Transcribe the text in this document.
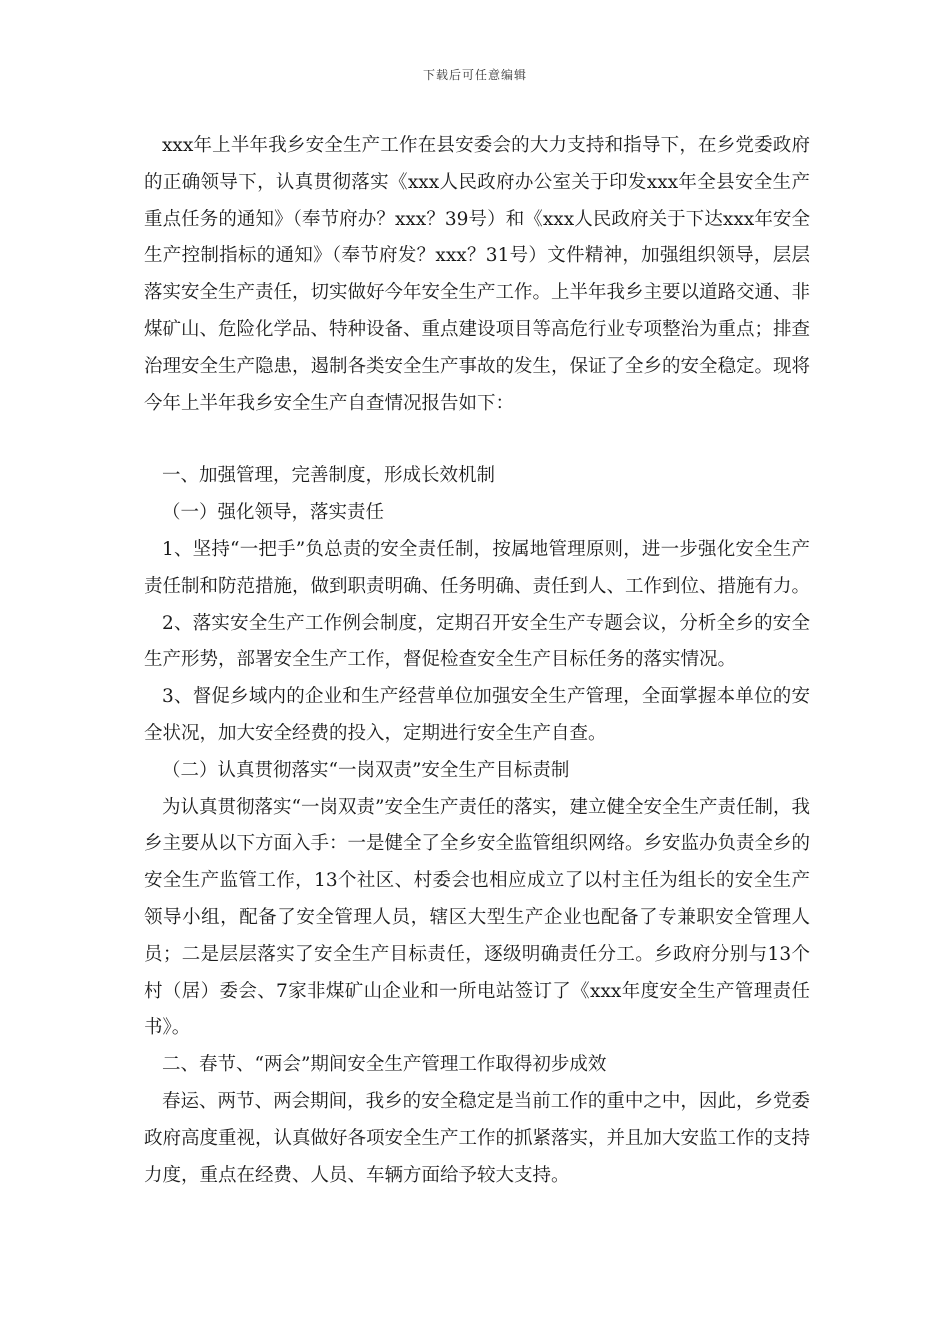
下载后可任意编辑

xxx年上半年我乡安全生产工作在县安委会的大力支持和指导下，在乡党委政府的正确领导下，认真贯彻落实《xxx人民政府办公室关于印发xxx年全县安全生产重点任务的通知》（奉节府办？xxx？39号）和《xxx人民政府关于下达xxx年安全生产控制指标的通知》（奉节府发？xxx？31号）文件精神，加强组织领导，层层落实安全生产责任，切实做好今年安全生产工作。上半年我乡主要以道路交通、非煤矿山、危险化学品、特种设备、重点建设项目等高危行业专项整治为重点；排查治理安全生产隐患，遏制各类安全生产事故的发生，保证了全乡的安全稳定。现将今年上半年我乡安全生产自查情况报告如下：

一、加强管理，完善制度，形成长效机制

（一）强化领导，落实责任

1、坚持“一把手”负总责的安全责任制，按属地管理原则，进一步强化安全生产责任制和防范措施，做到职责明确、任务明确、责任到人、工作到位、措施有力。

2、落实安全生产工作例会制度，定期召开安全生产专题会议，分析全乡的安全生产形势，部署安全生产工作，督促检查安全生产目标任务的落实情况。

3、督促乡域内的企业和生产经营单位加强安全生产管理，全面掌握本单位的安全状况，加大安全经费的投入，定期进行安全生产自查。

（二）认真贯彻落实“一岗双责”安全生产目标责制

为认真贯彻落实“一岗双责”安全生产责任的落实，建立健全安全生产责任制，我乡主要从以下方面入手：一是健全了全乡安全监管组织网络。乡安监办负责全乡的安全生产监管工作，13个社区、村委会也相应成立了以村主任为组长的安全生产领导小组，配备了安全管理人员，辖区大型生产企业也配备了专兼职安全管理人员；二是层层落实了安全生产目标责任，逐级明确责任分工。乡政府分别与13个村（居）委会、7家非煤矿山企业和一所电站签订了《xxx年度安全生产管理责任书》。

二、春节、“两会”期间安全生产管理工作取得初步成效

春运、两节、两会期间，我乡的安全稳定是当前工作的重中之中，因此，乡党委政府高度重视，认真做好各项安全生产工作的抓紧落实，并且加大安监工作的支持力度，重点在经费、人员、车辆方面给予较大支持。
